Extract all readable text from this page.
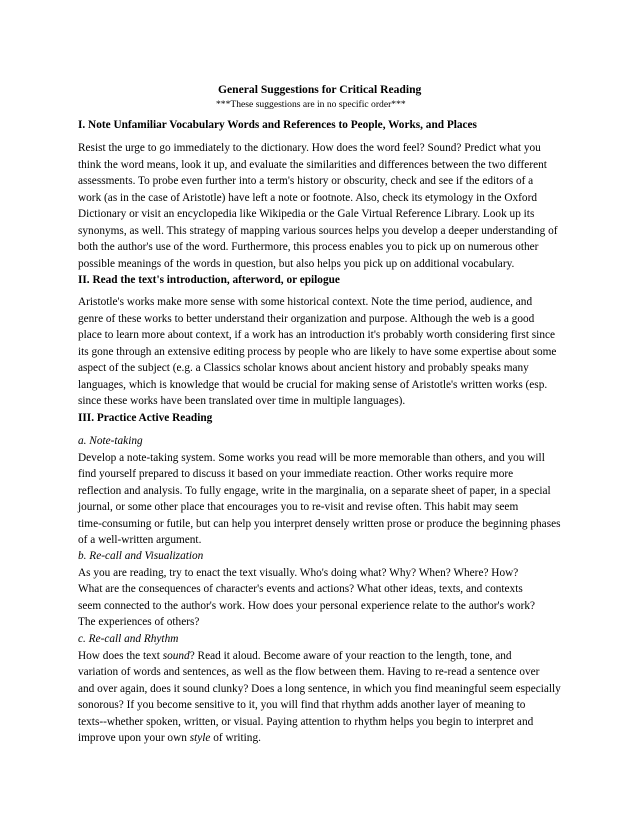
General Suggestions for Critical Reading
***These suggestions are in no specific order***
I. Note Unfamiliar Vocabulary Words and References to People, Works, and Places
Resist the urge to go immediately to the dictionary. How does the word feel? Sound? Predict what you
think the word means, look it up, and evaluate the similarities and differences between the two different
assessments. To probe even further into a term's history or obscurity, check and see if the editors of a
work (as in the case of Aristotle) have left a note or footnote. Also, check its etymology in the Oxford
Dictionary or visit an encyclopedia like Wikipedia or the Gale Virtual Reference Library. Look up its
synonyms, as well. This strategy of mapping various sources helps you develop a deeper understanding of
both the author's use of the word. Furthermore, this process enables you to pick up on numerous other
possible meanings of the words in question, but also helps you pick up on additional vocabulary.
II. Read the text's introduction, afterword, or epilogue
Aristotle's works make more sense with some historical context. Note the time period, audience, and
genre of these works to better understand their organization and purpose. Although the web is a good
place to learn more about context, if a work has an introduction it's probably worth considering first since
its gone through an extensive editing process by people who are likely to have some expertise about some
aspect of the subject (e.g. a Classics scholar knows about ancient history and probably speaks many
languages, which is knowledge that would be crucial for making sense of Aristotle's written works (esp.
since these works have been translated over time in multiple languages).
III. Practice Active Reading
a. Note-taking
Develop a note-taking system. Some works you read will be more memorable than others, and you will
find yourself prepared to discuss it based on your immediate reaction. Other works require more
reflection and analysis. To fully engage, write in the marginalia, on a separate sheet of paper, in a special
journal, or some other place that encourages you to re-visit and revise often. This habit may seem
time-consuming or futile, but can help you interpret densely written prose or produce the beginning phases
of a well-written argument.
b. Re-call and Visualization
As you are reading, try to enact the text visually. Who's doing what? Why? When? Where? How?
What are the consequences of character's events and actions? What other ideas, texts, and contexts
seem connected to the author's work. How does your personal experience relate to the author's work?
The experiences of others?
c. Re-call and Rhythm
How does the text sound? Read it aloud. Become aware of your reaction to the length, tone, and
variation of words and sentences, as well as the flow between them. Having to re-read a sentence over
and over again, does it sound clunky? Does a long sentence, in which you find meaningful seem especially
sonorous? If you become sensitive to it, you will find that rhythm adds another layer of meaning to
texts--whether spoken, written, or visual. Paying attention to rhythm helps you begin to interpret and
improve upon your own style of writing.
